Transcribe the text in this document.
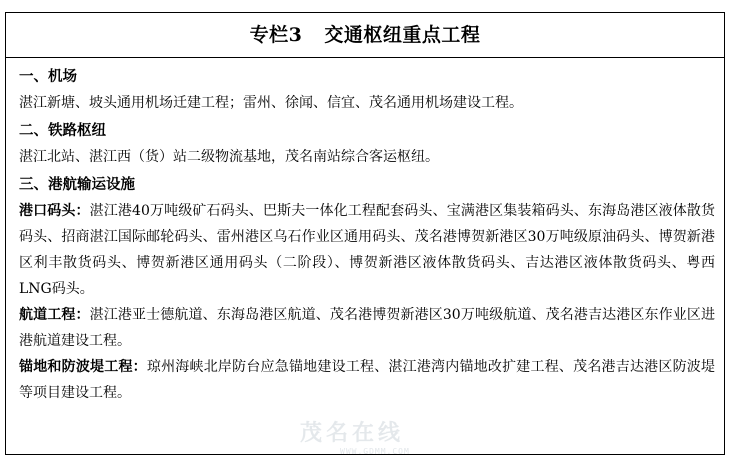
专栏3 交通枢纽重点工程
一、机场
湛江新塘、坡头通用机场迁建工程；雷州、徐闻、信宜、茂名通用机场建设工程。
二、铁路枢纽
湛江北站、湛江西（货）站二级物流基地，茂名南站综合客运枢纽。
三、港航输运设施
港口码头：湛江港40万吨级矿石码头、巴斯夫一体化工程配套码头、宝满港区集装箱码头、东海岛港区液体散货码头、招商湛江国际邮轮码头、雷州港区乌石作业区通用码头、茂名港博贺新港区30万吨级原油码头、博贺新港区利丰散货码头、博贺新港区通用码头（二阶段）、博贺新港区液体散货码头、吉达港区液体散货码头、粤西LNG码头。
航道工程：湛江港亚士德航道、东海岛港区航道、茂名港博贺新港区30万吨级航道、茂名港吉达港区东作业区进港航道建设工程。
锚地和防波堤工程：琼州海峡北岸防台应急锚地建设工程、湛江港湾内锚地改扩建工程、茂名港吉达港区防波堤等项目建设工程。
茂名在线
WWW.GDMM.COM
